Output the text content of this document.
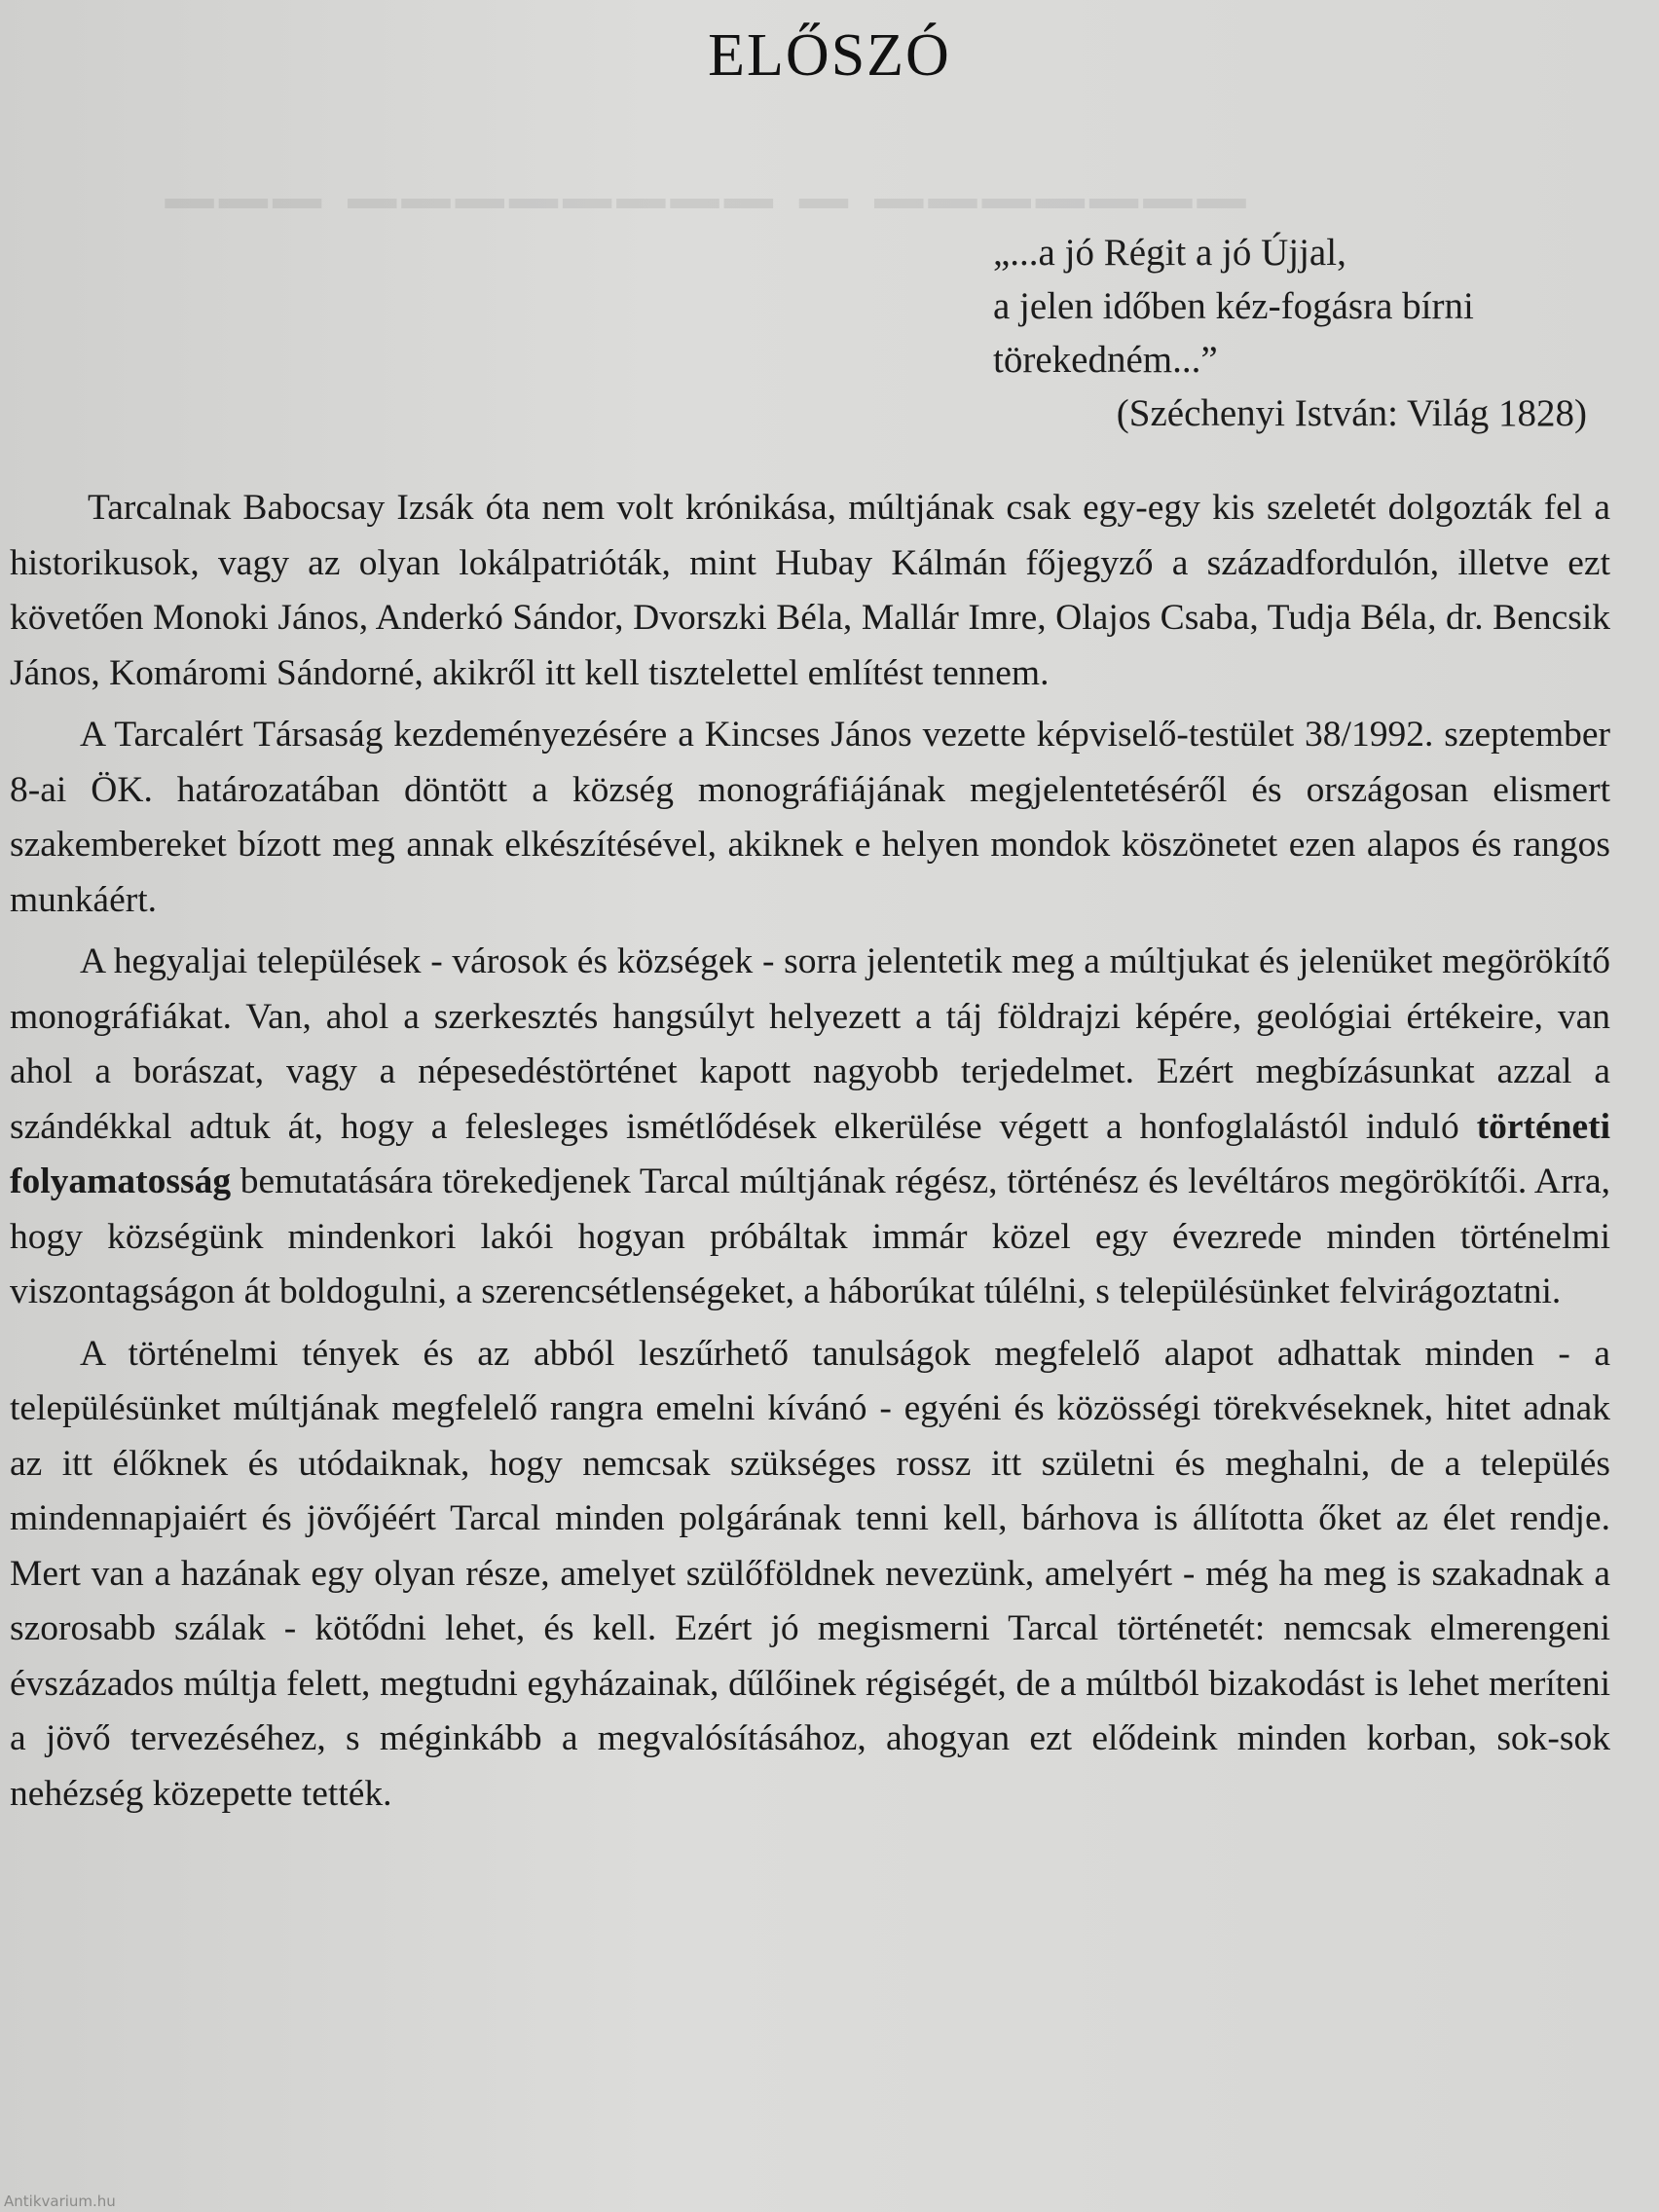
▁▁▁ ▁▁▁▁▁▁▁▁ ▁ ▁▁▁▁▁▁▁
ELŐSZÓ
„...a jó Régit a jó Újjal,
a jelen időben kéz-fogásra bírni
törekedném...”
(Széchenyi István: Világ 1828)

Tarcalnak Babocsay Izsák óta nem volt krónikása, múltjának csak egy-egy kis szeletét dolgozták fel a historikusok, vagy az olyan lokálpatrióták, mint Hubay Kálmán főjegyző a századfordulón, illetve ezt követően Monoki János, Anderkó Sándor, Dvorszki Béla, Mallár Imre, Olajos Csaba, Tudja Béla, dr. Bencsik János, Komáromi Sándorné, akikről itt kell tisztelettel említést tennem.

A Tarcalért Társaság kezdeményezésére a Kincses János vezette képviselő-testület 38/1992. szeptember 8-ai ÖK. határozatában döntött a község monográfiájának megjelentetéséről és országosan elismert szakembereket bízott meg annak elkészítésével, akiknek e helyen mondok köszönetet ezen alapos és rangos munkáért.

A hegyaljai települések - városok és községek - sorra jelentetik meg a múltjukat és jelenüket megörökítő monográfiákat. Van, ahol a szerkesztés hangsúlyt helyezett a táj földrajzi képére, geológiai értékeire, van ahol a borászat, vagy a népesedéstörténet kapott nagyobb terjedelmet. Ezért megbízásunkat azzal a szándékkal adtuk át, hogy a felesleges ismétlődések elkerülése végett a honfoglalástól induló történeti folyamatosság bemutatására törekedjenek Tarcal múltjának régész, történész és levéltáros megörökítői. Arra, hogy községünk mindenkori lakói hogyan próbáltak immár közel egy évezrede minden történelmi viszontagságon át boldogulni, a szerencsétlenségeket, a háborúkat túlélni, s településünket felvirágoztatni.

A történelmi tények és az abból leszűrhető tanulságok megfelelő alapot adhattak minden - a településünket múltjának megfelelő rangra emelni kívánó - egyéni és közösségi törekvéseknek, hitet adnak az itt élőknek és utódaiknak, hogy nemcsak szükséges rossz itt születni és meghalni, de a település mindennapjaiért és jövőjéért Tarcal minden polgárának tenni kell, bárhova is állította őket az élet rendje. Mert van a hazának egy olyan része, amelyet szülőföldnek nevezünk, amelyért - még ha meg is szakadnak a szorosabb szálak - kötődni lehet, és kell. Ezért jó megismerni Tarcal történetét: nemcsak elmerengeni évszázados múltja felett, megtudni egyházainak, dűlőinek régiségét, de a múltból bizakodást is lehet meríteni a jövő tervezéséhez, s méginkább a megvalósításához, ahogyan ezt elődeink minden korban, sok-sok nehézség közepette tették.

Antikvarium.hu
